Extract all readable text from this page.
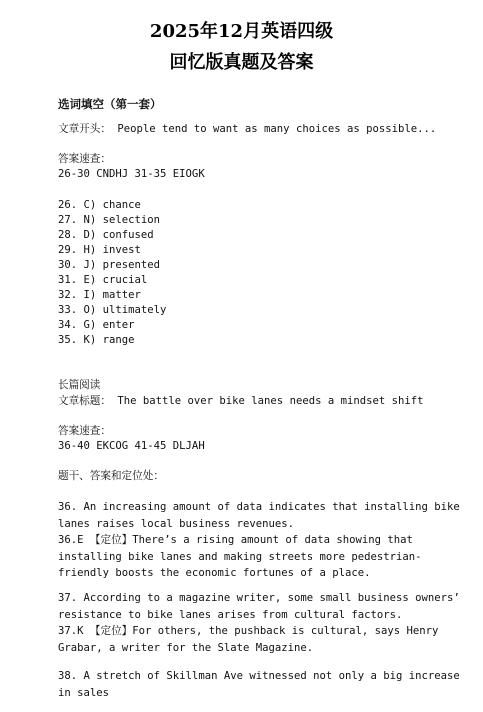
2025年12月英语四级
回忆版真题及答案
选词填空（第一套）
文章开头： People tend to want as many choices as possible...
答案速查：
26-30 CNDHJ 31-35 EIOGK
26. C) chance
27. N) selection
28. D) confused
29. H) invest
30. J) presented
31. E) crucial
32. I) matter
33. O) ultimately
34. G) enter
35. K) range
长篇阅读
文章标题： The battle over bike lanes needs a mindset shift
答案速查：
36-40 EKCOG 41-45 DLJAH
题干、答案和定位处：
36. An increasing amount of data indicates that installing bike lanes raises local business revenues.
36.E 【定位】There’s a rising amount of data showing that installing bike lanes and making streets more pedestrian-friendly boosts the economic fortunes of a place.
37. According to a magazine writer, some small business owners’ resistance to bike lanes arises from cultural factors.
37.K 【定位】For others, the pushback is cultural, says Henry Grabar, a writer for the Slate Magazine.
38. A stretch of Skillman Ave witnessed not only a big increase in sales
